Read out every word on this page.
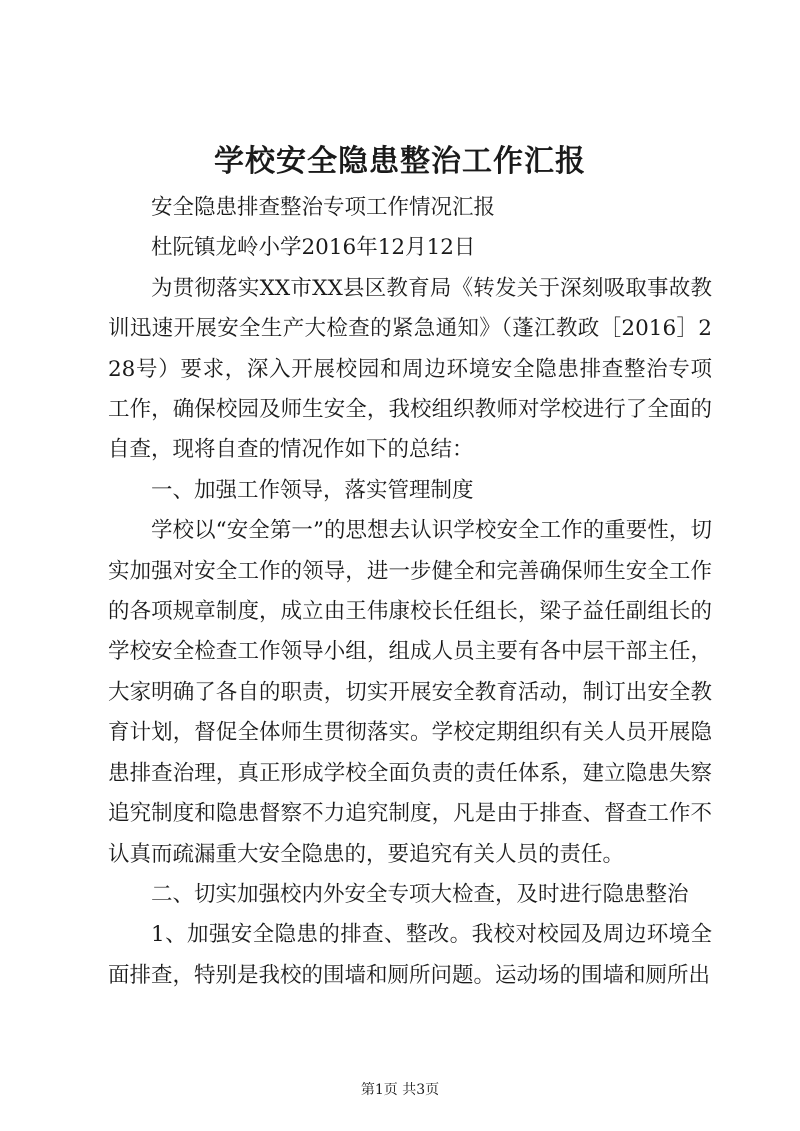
学校安全隐患整治工作汇报

安全隐患排查整治专项工作情况汇报

杜阮镇龙岭小学2016年12月12日

为贯彻落实XX市XX县区教育局《转发关于深刻吸取事故教训迅速开展安全生产大检查的紧急通知》（蓬江教政［2016］228号）要求，深入开展校园和周边环境安全隐患排查整治专项工作，确保校园及师生安全，我校组织教师对学校进行了全面的自查，现将自查的情况作如下的总结：

一、加强工作领导，落实管理制度

学校以“安全第一”的思想去认识学校安全工作的重要性，切实加强对安全工作的领导，进一步健全和完善确保师生安全工作的各项规章制度，成立由王伟康校长任组长，梁子益任副组长的学校安全检查工作领导小组，组成人员主要有各中层干部主任，大家明确了各自的职责，切实开展安全教育活动，制订出安全教育计划，督促全体师生贯彻落实。学校定期组织有关人员开展隐患排查治理，真正形成学校全面负责的责任体系，建立隐患失察追究制度和隐患督察不力追究制度，凡是由于排查、督查工作不认真而疏漏重大安全隐患的，要追究有关人员的责任。

二、切实加强校内外安全专项大检查，及时进行隐患整治

1、加强安全隐患的排查、整改。我校对校园及周边环境全面排查，特别是我校的围墙和厕所问题。运动场的围墙和厕所出

第1页 共3页
